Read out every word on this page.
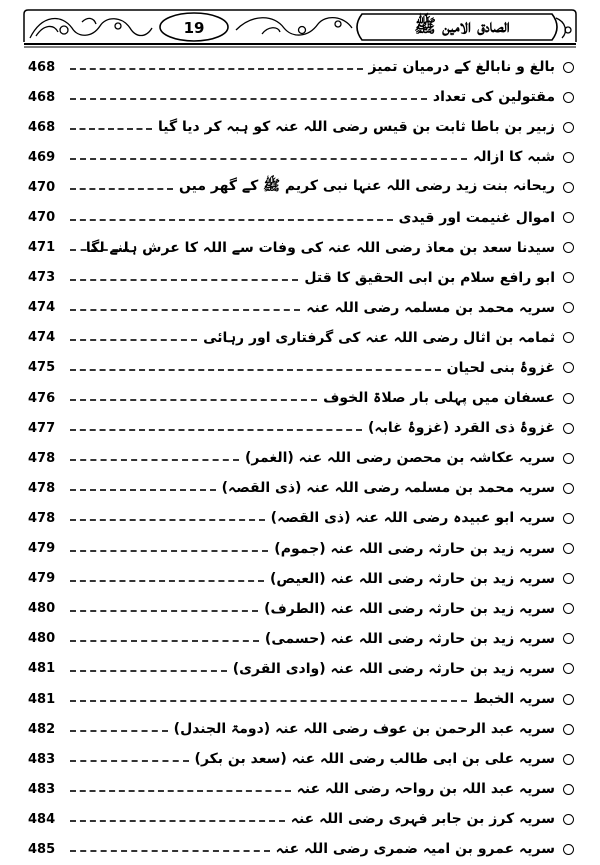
19	الصادق الامین ﷺ
468	بالغ و نابالغ کے درمیان تمیز
468	مقتولین کی تعداد
468	زبیر بن باطا ثابت بن قیس رضی اللہ عنہ کو ہبہ کر دیا گیا
469	شبہ کا ازالہ
470	ریحانہ بنت زید رضی اللہ عنہا نبی کریم ﷺ کے گھر میں
470	اموال غنیمت اور قیدی
471	سیدنا سعد بن معاذ رضی اللہ عنہ کی وفات سے اللہ کا عرش ہلنے لگا
473	ابو رافع سلام بن ابی الحقیق کا قتل
474	سریہ محمد بن مسلمہ رضی اللہ عنہ
474	ثمامہ بن اثال رضی اللہ عنہ کی گرفتاری اور رہائی
475	غزوۂ بنی لحیان
476	عسفان میں پہلی بار صلاۃ الخوف
477	غزوۂ ذی القرد (غزوۂ غابہ)
478	سریہ عکاشہ بن محصن رضی اللہ عنہ (الغمر)
478	سریہ محمد بن مسلمہ رضی اللہ عنہ (ذی القصہ)
478	سریہ ابو عبیدہ رضی اللہ عنہ (ذی القصہ)
479	سریہ زید بن حارثہ رضی اللہ عنہ (جموم)
479	سریہ زید بن حارثہ رضی اللہ عنہ (العیص)
480	سریہ زید بن حارثہ رضی اللہ عنہ (الطرف)
480	سریہ زید بن حارثہ رضی اللہ عنہ (حسمی)
481	سریہ زید بن حارثہ رضی اللہ عنہ (وادی القری)
481	سریہ الخبط
482	سریہ عبد الرحمن بن عوف رضی اللہ عنہ (دومۃ الجندل)
483	سریہ علی بن ابی طالب رضی اللہ عنہ (سعد بن بکر)
483	سریہ عبد اللہ بن رواحہ رضی اللہ عنہ
484	سریہ کرز بن جابر فہری رضی اللہ عنہ
485	سریہ عمرو بن امیہ ضمری رضی اللہ عنہ
